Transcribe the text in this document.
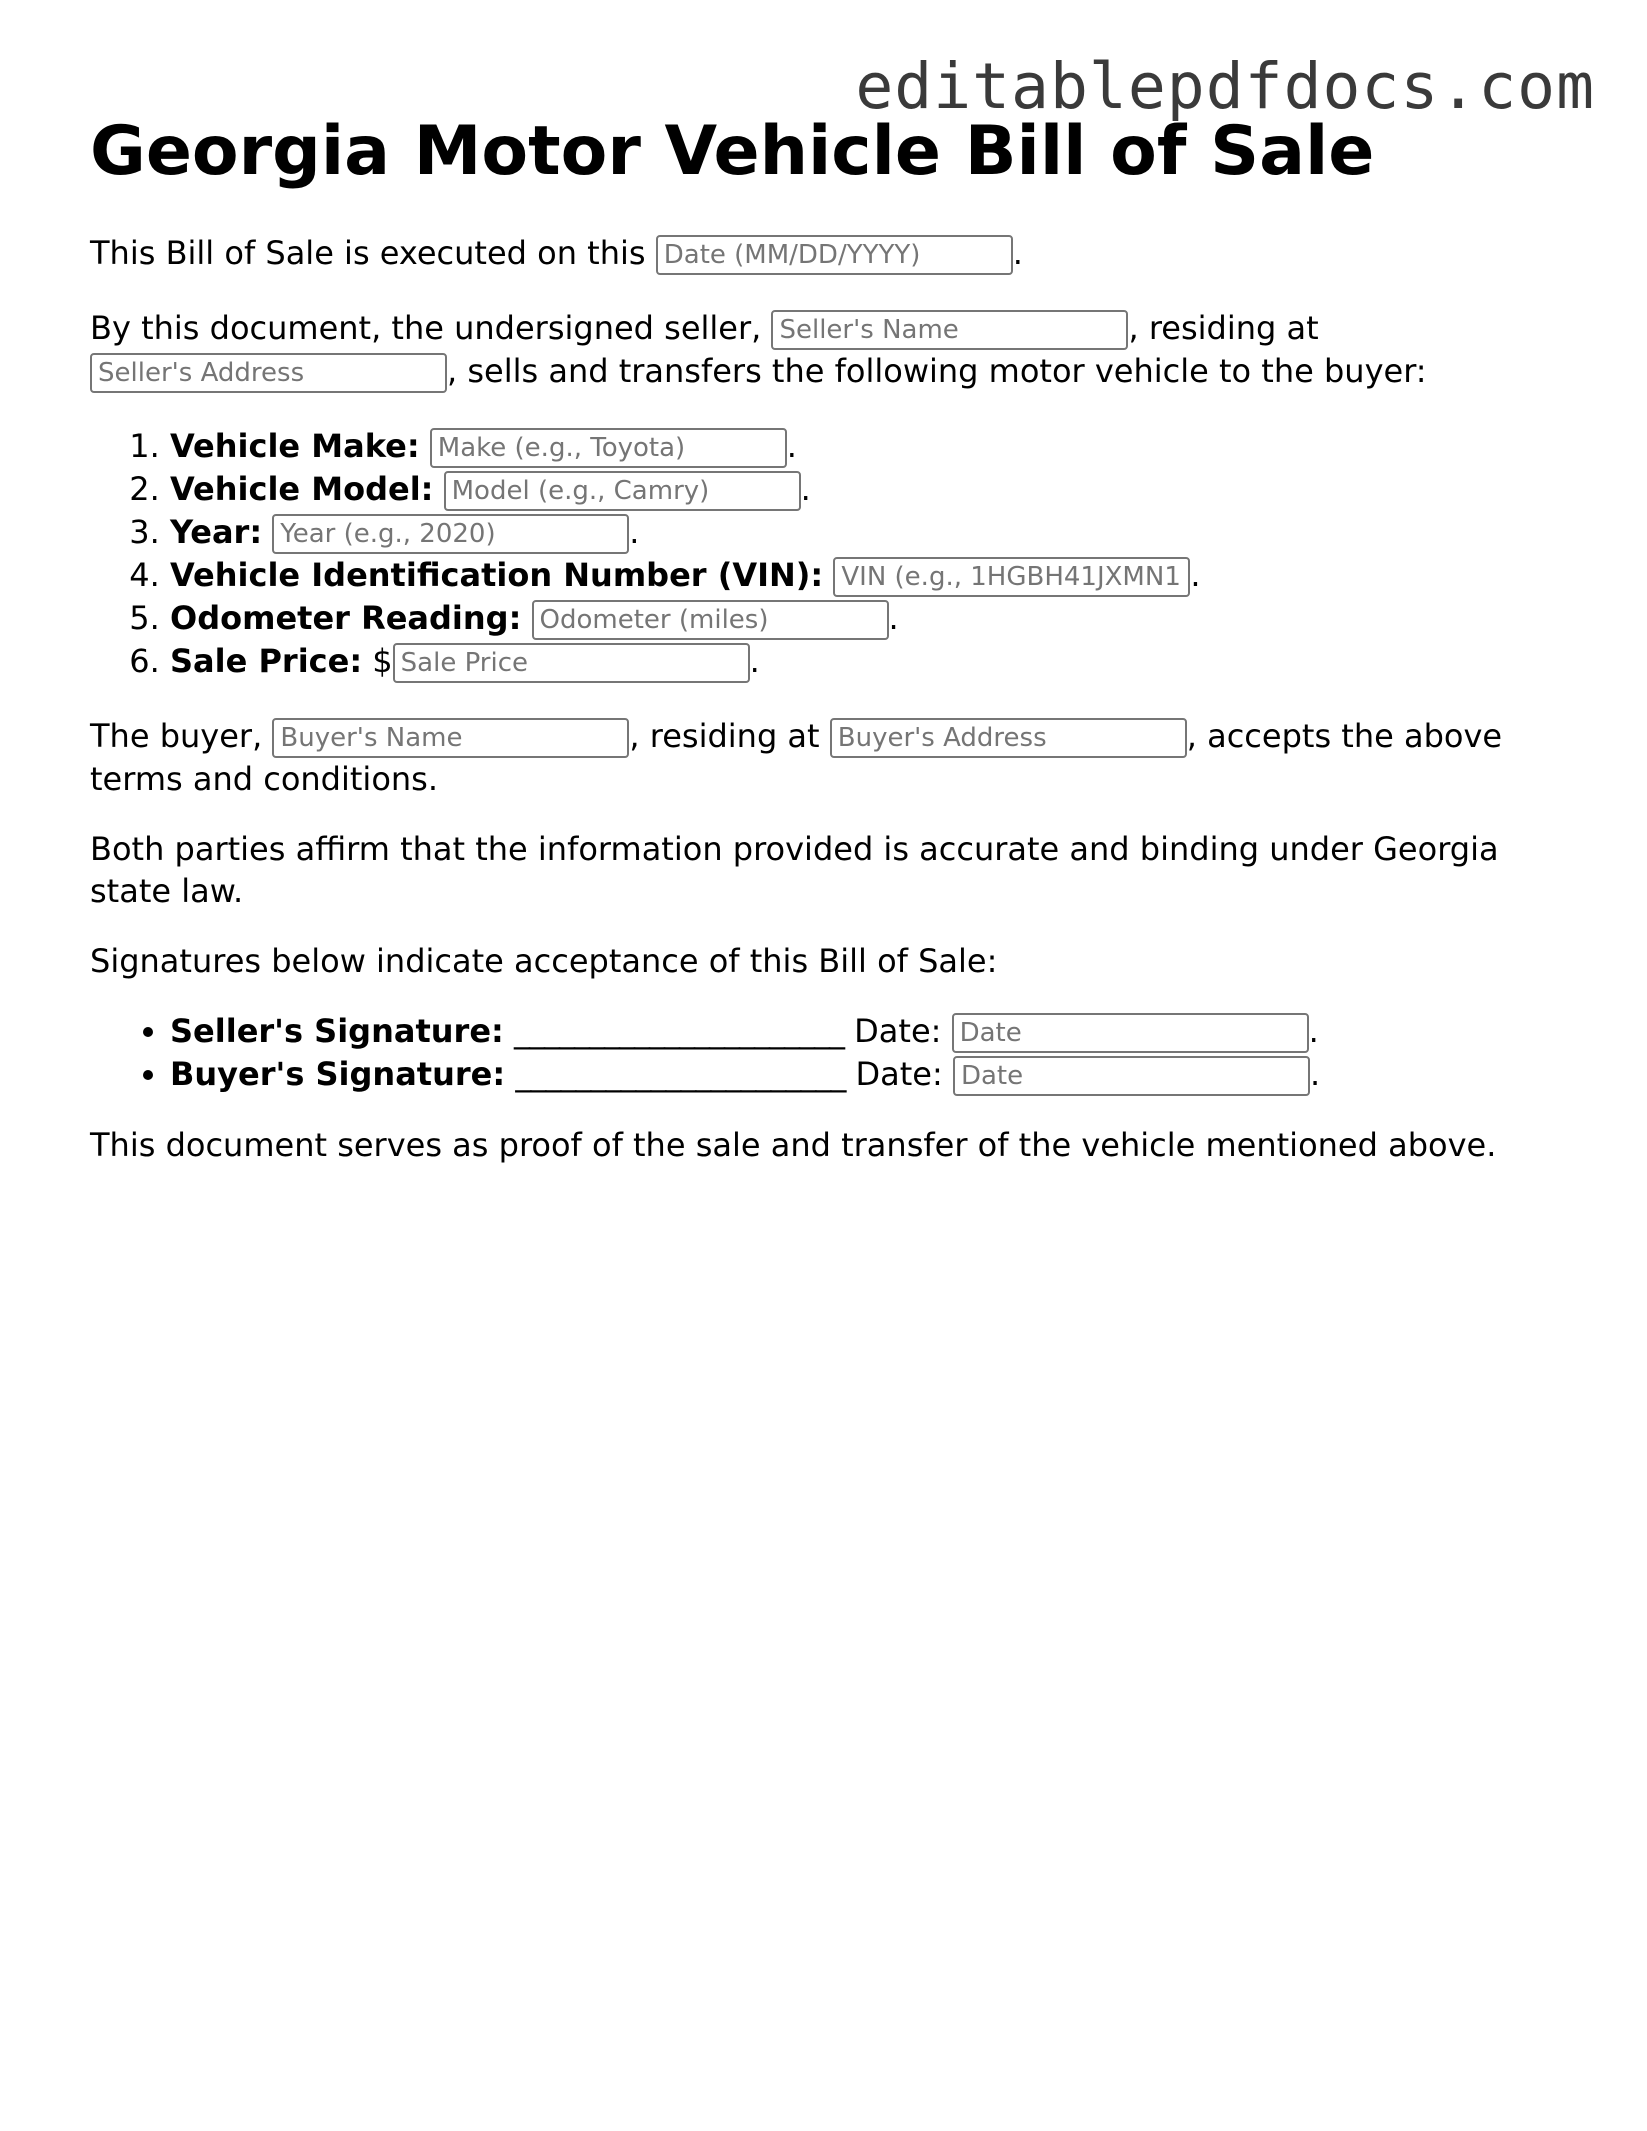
editablepdfdocs.com
Georgia Motor Vehicle Bill of Sale

This Bill of Sale is executed on this Date (MM/DD/YYYY)	.

By this document, the undersigned seller, Seller's Name	, residing at
Seller's Address, sells and transfers the following motor vehicle to the buyer:

1. Vehicle Make: Make (e.g., Toyota)	.
2. Vehicle Model: Model (e.g., Camry)	.
3. Year: Year (e.g., 2020)	.
4. Vehicle Identification Number (VIN): VIN (e.g., 1HGBH41JXMN109186)	.
5. Odometer Reading: Odometer (miles)	.
6. Sale Price: $Sale Price	.

The buyer, Buyer's Name	, residing at Buyer's Address	, accepts the above terms and conditions.

Both parties affirm that the information provided is accurate and binding under Georgia state law.

Signatures below indicate acceptance of this Bill of Sale:

• Seller's Signature: ______________________ Date: Date	.
• Buyer's Signature: ______________________ Date: Date	.

This document serves as proof of the sale and transfer of the vehicle mentioned above.
